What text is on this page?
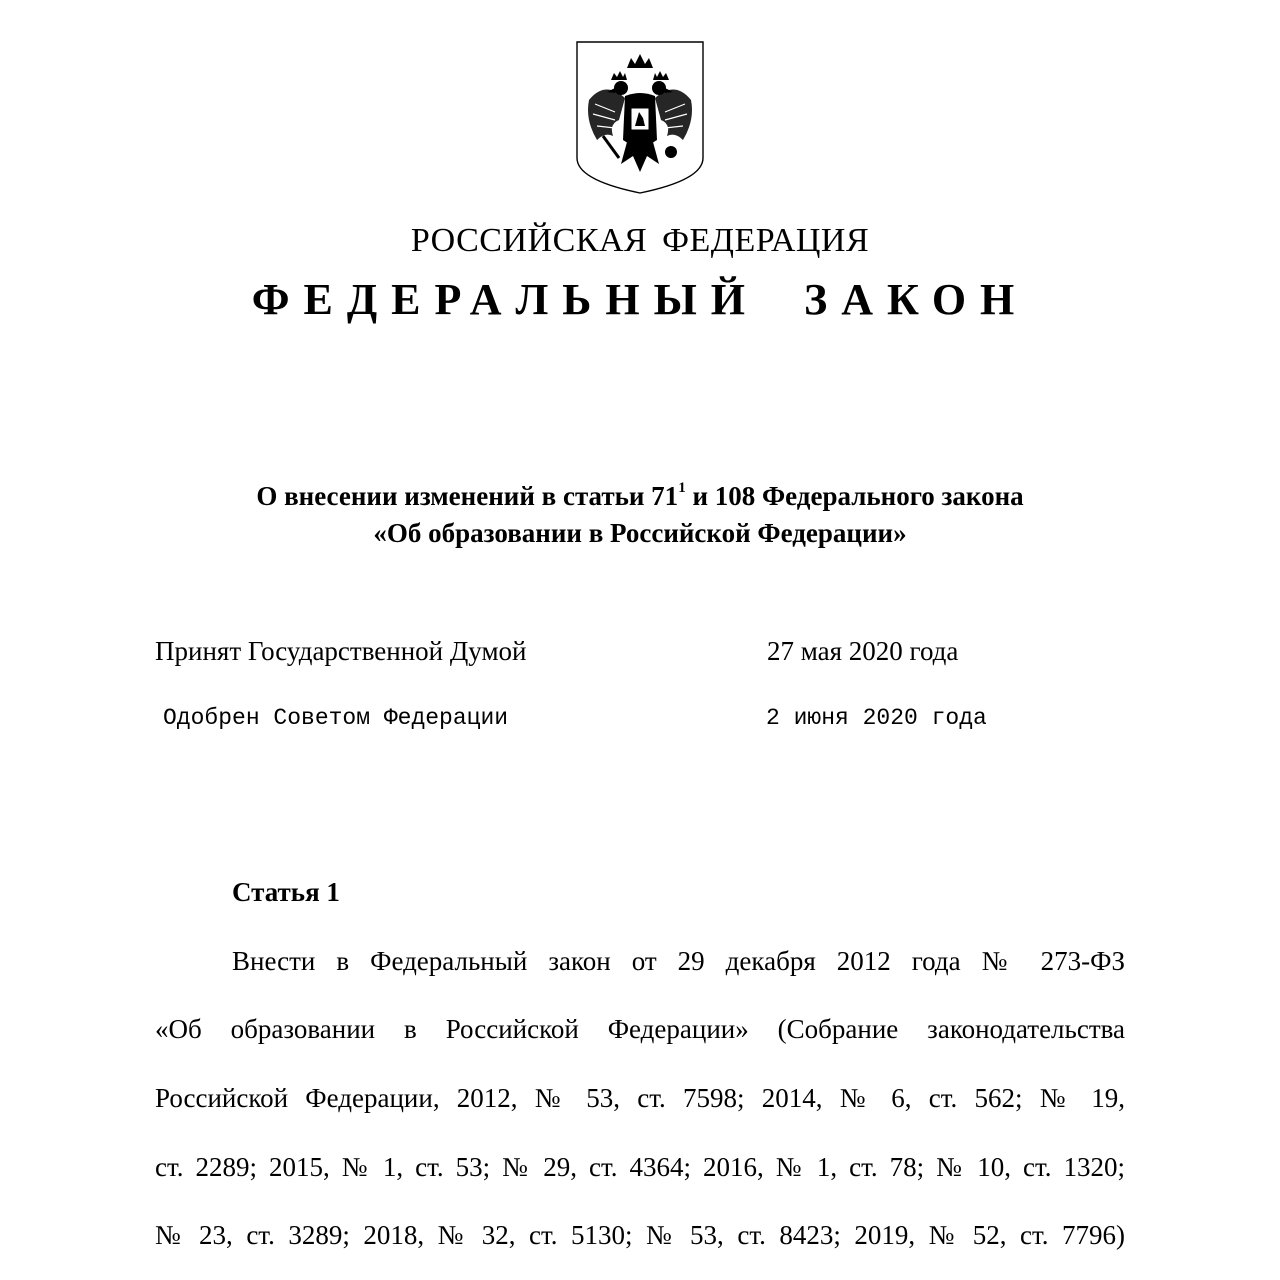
РОССИЙСКАЯ ФЕДЕРАЦИЯ
ФЕДЕРАЛЬНЫЙ ЗАКОН
О внесении изменений в статьи $71^1$ и 108 Федерального закона
«Об образовании в Российской Федерации»
Принят Государственной Думой	27 мая 2020 года
Одобрен Советом Федерации	2 июня 2020 года
Статья 1
Внести в Федеральный закон от 29 декабря 2012 года № 273-ФЗ
«Об образовании в Российской Федерации» (Собрание законодательства
Российской Федерации, 2012, № 53, ст. 7598; 2014, № 6, ст. 562; № 19,
ст. 2289; 2015, № 1, ст. 53; № 29, ст. 4364; 2016, № 1, ст. 78; № 10, ст. 1320;
№ 23, ст. 3289; 2018, № 32, ст. 5130; № 53, ст. 8423; 2019, № 52, ст. 7796)
